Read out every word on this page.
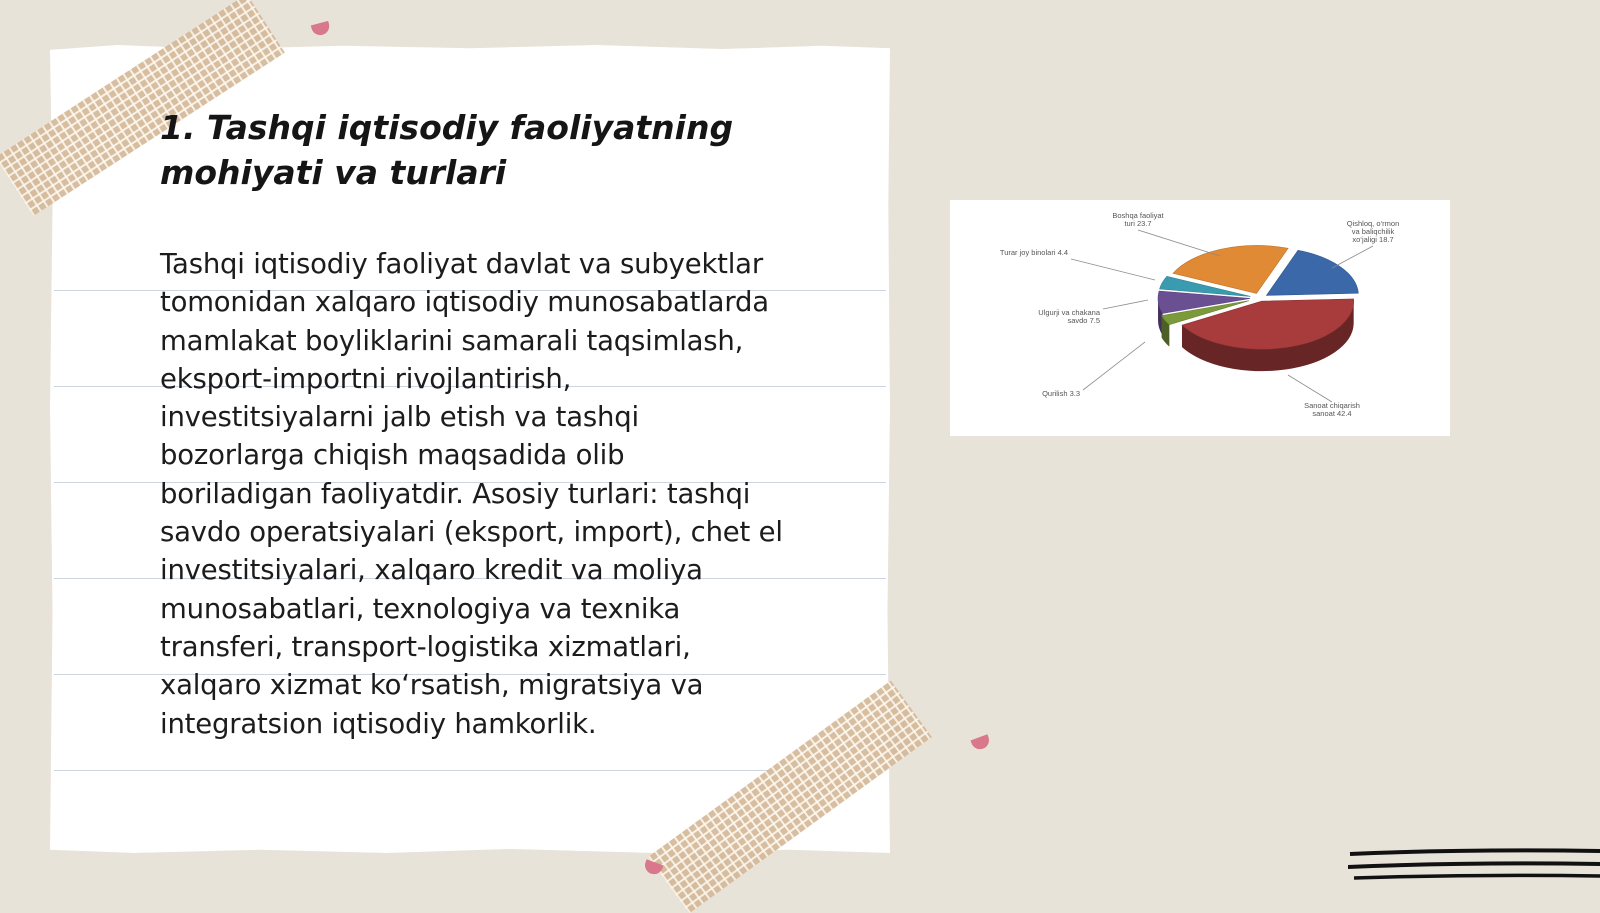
1. Tashqi iqtisodiy faoliyatning
mohiyati va turlari

Tashqi iqtisodiy faoliyat davlat va subyektlar
tomonidan xalqaro iqtisodiy munosabatlarda
mamlakat boyliklarini samarali taqsimlash,
eksport-importni rivojlantirish,
investitsiyalarni jalb etish va tashqi
bozorlarga chiqish maqsadida olib
boriladigan faoliyatdir. Asosiy turlari: tashqi
savdo operatsiyalari (eksport, import), chet el
investitsiyalari, xalqaro kredit va moliya
munosabatlari, texnologiya va texnika
transferi, transport-logistika xizmatlari,
xalqaro xizmat koʻrsatish, migratsiya va
integratsion iqtisodiy hamkorlik.

Qishloq, o‘rmon va baliqchilik xo‘jaligi 18.7
Sanoat chiqarish sanoat 42.4
Qurilish 3.3
Ulgurji va chakana savdo 7.5
Turar joy binolari 4.4
Boshqa faoliyat turi 23.7
